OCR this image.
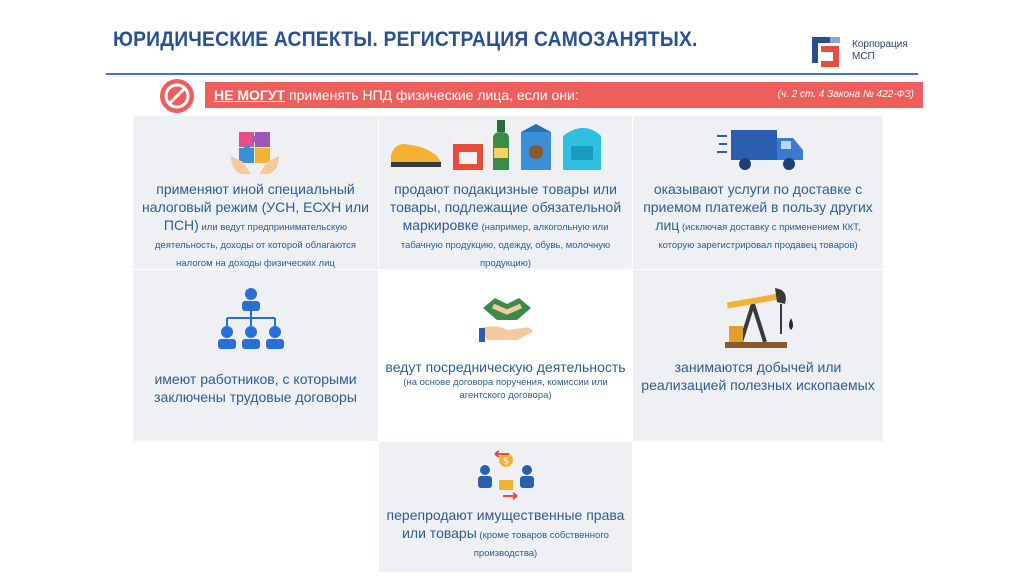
ЮРИДИЧЕСКИЕ АСПЕКТЫ. РЕГИСТРАЦИЯ САМОЗАНЯТЫХ.	Корпорация
МСП
НЕ МОГУТ применять НПД физические лица, если они:	(ч. 2 ст. 4 Закона № 422-ФЗ)
применяют иной специальный налоговый режим (УСН, ЕСХН или ПСН) или ведут предпринимательскую деятельность, доходы от которой облагаются налогом на доходы физических лиц
продают подакцизные товары или товары, подлежащие обязательной маркировке (например, алкогольную или табачную продукцию, одежду, обувь, молочную продукцию)
оказывают услуги по доставке с приемом платежей в пользу других лиц (исключая доставку с применением ККТ, которую зарегистрировал продавец товаров)
имеют работников, с которыми заключены трудовые договоры
ведут посредническую деятельность
(на основе договора поручения, комиссии или агентского договора)
занимаются добычей или реализацией полезных ископаемых
$
перепродают имущественные права или товары (кроме товаров собственного производства)
